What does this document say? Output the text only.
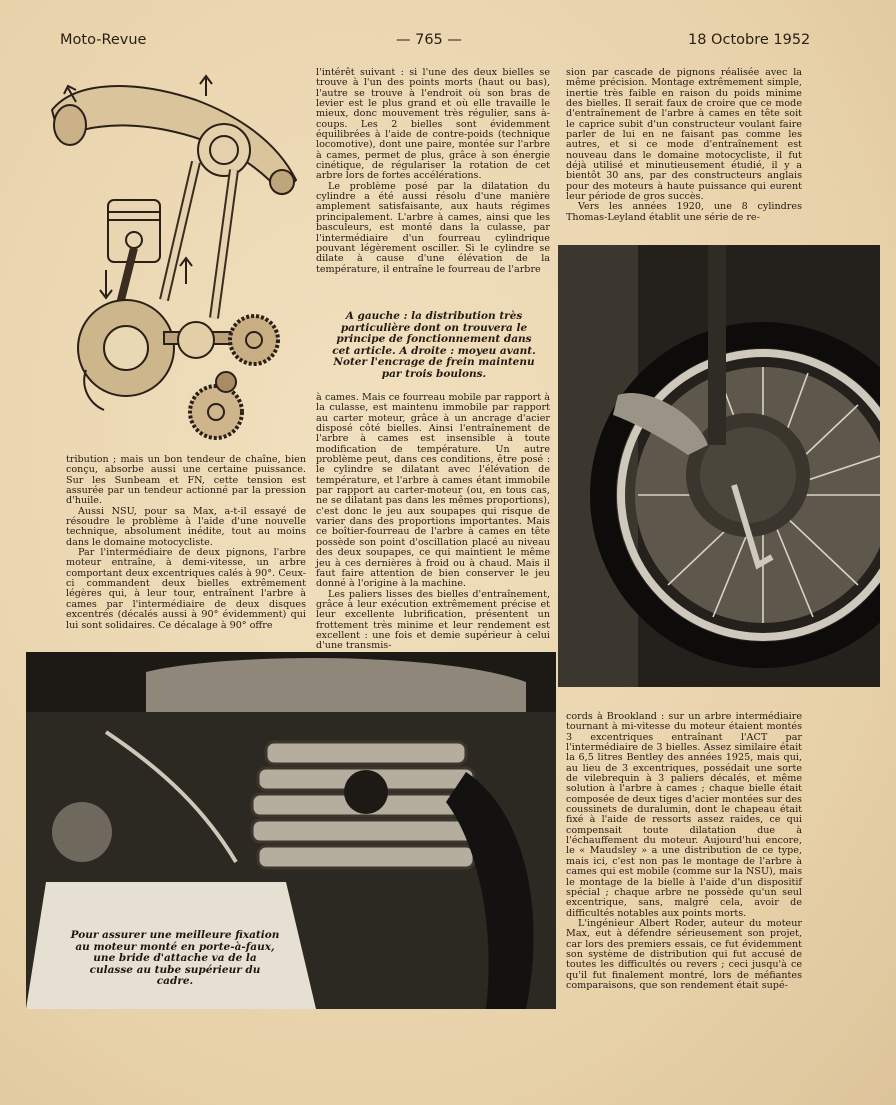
Moto-Revue	— 765 —	18 Octobre 1952

tribution ; mais un bon tendeur de chaîne, bien conçu, absorbe aussi une certaine puissance. Sur les Sunbeam et FN, cette tension est assurée par un tendeur actionné par la pression d'huile.

Aussi NSU, pour sa Max, a-t-il essayé de résoudre le problème à l'aide d'une nouvelle technique, absolument inédite, tout au moins dans le domaine motocycliste.

Par l'intermédiaire de deux pignons, l'arbre moteur entraîne, à demi-vitesse, un arbre comportant deux excentriques calés à 90°. Ceux-ci commandent deux bielles extrêmement légères qui, à leur tour, entraînent l'arbre à cames par l'intermédiaire de deux disques excentrés (décalés aussi à 90° évidemment) qui lui sont solidaires. Ce décalage à 90° offre

l'intérêt suivant : si l'une des deux bielles se trouve à l'un des points morts (haut ou bas), l'autre se trouve à l'endroit où son bras de levier est le plus grand et où elle travaille le mieux, donc mouvement très régulier, sans à-coups. Les 2 bielles sont évidemment équilibrées à l'aide de contre-poids (technique locomotive), dont une paire, montée sur l'arbre à cames, permet de plus, grâce à son énergie cinétique, de régulariser la rotation de cet arbre lors de fortes accélérations.

Le problème posé par la dilatation du cylindre a été aussi résolu d'une manière amplement satisfaisante, aux hauts régimes principalement. L'arbre à cames, ainsi que les basculeurs, est monté dans la culasse, par l'intermédiaire d'un fourreau cylindrique pouvant légèrement osciller. Si le cylindre se dilate à cause d'une élévation de la température, il entraîne le fourreau de l'arbre

A gauche : la distribution très particulière dont on trouvera le principe de fonctionnement dans cet article. A droite : moyeu avant. Noter l'encrage de frein maintenu par trois boulons.

à cames. Mais ce fourreau mobile par rapport à la culasse, est maintenu immobile par rapport au carter moteur, grâce à un ancrage d'acier disposé côté bielles. Ainsi l'entraînement de l'arbre à cames est insensible à toute modification de température. Un autre problème peut, dans ces conditions, être posé : le cylindre se dilatant avec l'élévation de température, et l'arbre à cames étant immobile par rapport au carter-moteur (ou, en tous cas, ne se dilatant pas dans les mêmes proportions), c'est donc le jeu aux soupapes qui risque de varier dans des proportions importantes. Mais ce boîtier-fourreau de l'arbre à cames en tête possède son point d'oscillation placé au niveau des deux soupapes, ce qui maintient le même jeu à ces dernières à froid ou à chaud. Mais il faut faire attention de bien conserver le jeu donné à l'origine à la machine.

Les paliers lisses des bielles d'entraînement, grâce à leur exécution extrêmement précise et leur excellente lubrification, présentent un frottement très minime et leur rendement est excellent : une fois et demie supérieur à celui d'une transmis-

sion par cascade de pignons réalisée avec la même précision. Montage extrêmement simple, inertie très faible en raison du poids minime des bielles. Il serait faux de croire que ce mode d'entraînement de l'arbre à cames en tête soit le caprice subit d'un constructeur voulant faire parler de lui en ne faisant pas comme les autres, et si ce mode d'entraînement est nouveau dans le domaine motocycliste, il fut déjà utilisé et minutieusement étudié, il y a bientôt 30 ans, par des constructeurs anglais pour des moteurs à haute puissance qui eurent leur période de gros succès.

Vers les années 1920, une 8 cylindres Thomas-Leyland établit une série de re-

Pour assurer une meilleure fixation au moteur monté en porte-à-faux, une bride d'attache va de la culasse au tube supérieur du cadre.

cords à Brookland : sur un arbre intermédiaire tournant à mi-vitesse du moteur étaient montés 3 excentriques entraînant l'ACT par l'intermédiaire de 3 bielles. Assez similaire était la 6,5 litres Bentley des années 1925, mais qui, au lieu de 3 excentriques, possédait une sorte de vilebrequin à 3 paliers décalés, et même solution à l'arbre à cames ; chaque bielle était composée de deux tiges d'acier montées sur des coussinets de duralumin, dont le chapeau était fixé à l'aide de ressorts assez raides, ce qui compensait toute dilatation due à l'échauffement du moteur. Aujourd'hui encore, le « Maudsley » a une distribution de ce type, mais ici, c'est non pas le montage de l'arbre à cames qui est mobile (comme sur la NSU), mais le montage de la bielle à l'aide d'un dispositif spécial ; chaque arbre ne possède qu'un seul excentrique, sans, malgré cela, avoir de difficultés notables aux points morts.

L'ingénieur Albert Roder, auteur du moteur Max, eut à défendre sérieusement son projet, car lors des premiers essais, ce fut évidemment son système de distribution qui fut accusé de toutes les difficultés ou revers ; ceci jusqu'à ce qu'il fut finalement montré, lors de méfiantes comparaisons, que son rendement était supé-
